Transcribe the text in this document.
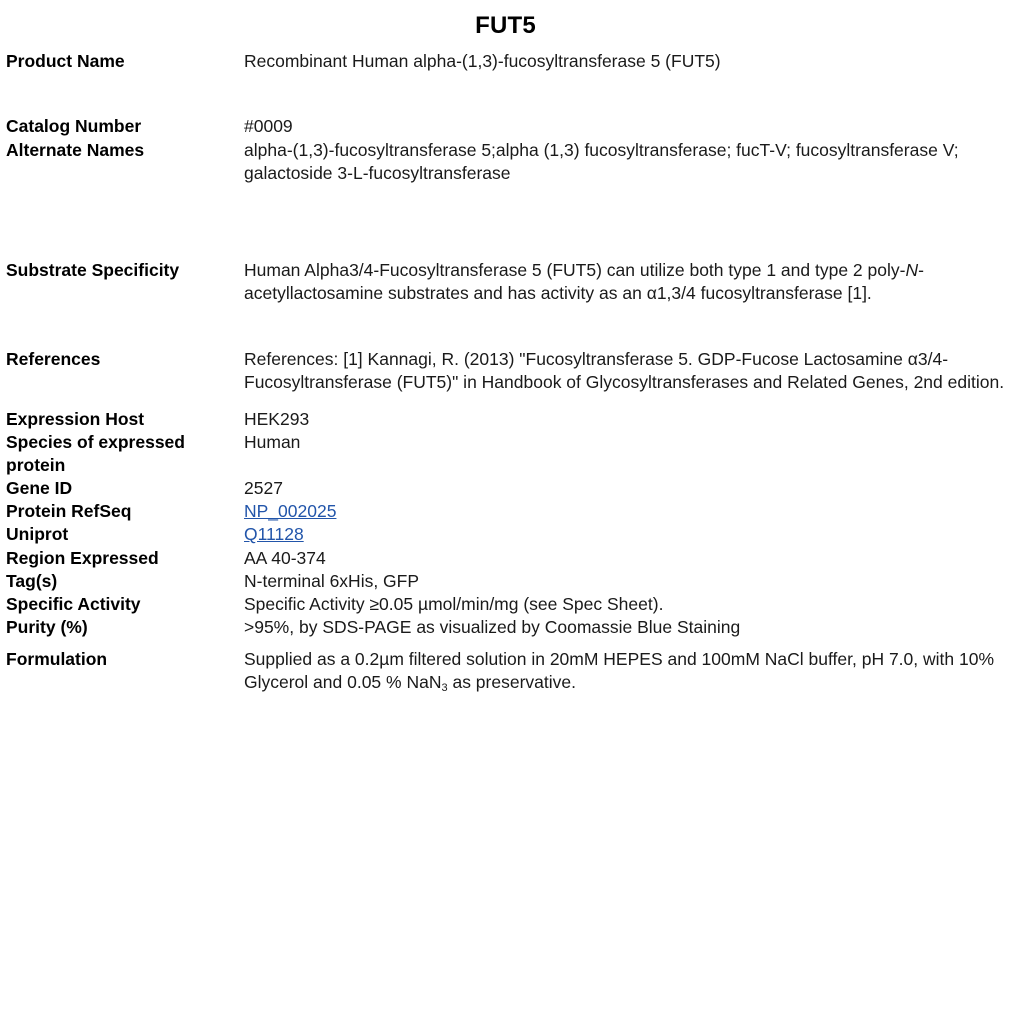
FUT5
Product Name	Recombinant Human alpha-(1,3)-fucosyltransferase 5 (FUT5)

Catalog Number	#0009
Alternate Names	alpha-(1,3)-fucosyltransferase 5;alpha (1,3) fucosyltransferase; fucT-V; fucosyltransferase V; galactoside 3-L-fucosyltransferase

Substrate Specificity	Human Alpha3/4-Fucosyltransferase 5 (FUT5) can utilize both type 1 and type 2 poly-N-acetyllactosamine substrates and has activity as an α1,3/4 fucosyltransferase [1].

References	References: [1] Kannagi, R. (2013) "Fucosyltransferase 5. GDP-Fucose Lactosamine α3/4-Fucosyltransferase (FUT5)" in Handbook of Glycosyltransferases and Related Genes, 2nd edition.

Expression Host	HEK293
Species of expressed protein	Human
Gene ID	2527
Protein RefSeq	NP_002025
Uniprot	Q11128
Region Expressed	AA 40-374
Tag(s)	N-terminal 6xHis, GFP
Specific Activity	Specific Activity ≥0.05 µmol/min/mg (see Spec Sheet).
Purity (%)	>95%, by SDS-PAGE as visualized by Coomassie Blue Staining

Formulation	Supplied as a 0.2µm filtered solution in 20mM HEPES and 100mM NaCl buffer, pH 7.0, with 10% Glycerol and 0.05 % NaN$_3$ as preservative.
